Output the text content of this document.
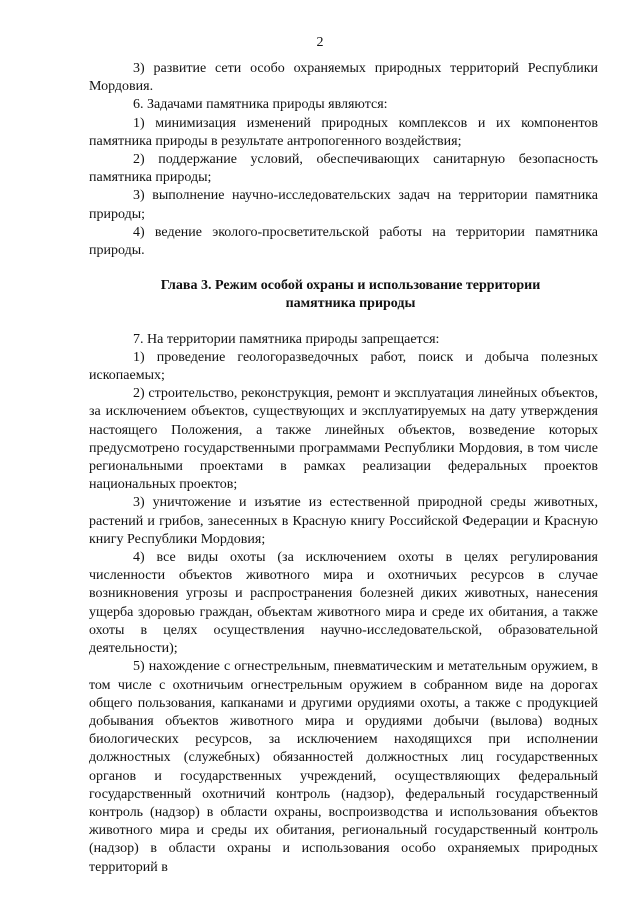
2

3) развитие сети особо охраняемых природных территорий Республики Мордовия.

6. Задачами памятника природы являются:

1) минимизация изменений природных комплексов и их компонентов памятника природы в результате антропогенного воздействия;

2) поддержание условий, обеспечивающих санитарную безопасность памятника природы;

3) выполнение научно-исследовательских задач на территории памятника природы;

4) ведение эколого-просветительской работы на территории памятника природы.

Глава 3. Режим особой охраны и использование территории памятника природы

7. На территории памятника природы запрещается:

1) проведение геологоразведочных работ, поиск и добыча полезных ископаемых;

2) строительство, реконструкция, ремонт и эксплуатация линейных объектов, за исключением объектов, существующих и эксплуатируемых на дату утверждения настоящего Положения, а также линейных объектов, возведение которых предусмотрено государственными программами Республики Мордовия, в том числе региональными проектами в рамках реализации федеральных проектов национальных проектов;

3) уничтожение и изъятие из естественной природной среды животных, растений и грибов, занесенных в Красную книгу Российской Федерации и Красную книгу Республики Мордовия;

4) все виды охоты (за исключением охоты в целях регулирования численности объектов животного мира и охотничьих ресурсов в случае возникновения угрозы и распространения болезней диких животных, нанесения ущерба здоровью граждан, объектам животного мира и среде их обитания, а также охоты в целях осуществления научно-исследовательской, образовательной деятельности);

5) нахождение с огнестрельным, пневматическим и метательным оружием, в том числе с охотничьим огнестрельным оружием в собранном виде на дорогах общего пользования, капканами и другими орудиями охоты, а также с продукцией добывания объектов животного мира и орудиями добычи (вылова) водных биологических ресурсов, за исключением находящихся при исполнении должностных (служебных) обязанностей должностных лиц государственных органов и государственных учреждений, осуществляющих федеральный государственный охотничий контроль (надзор), федеральный государственный контроль (надзор) в области охраны, воспроизводства и использования объектов животного мира и среды их обитания, региональный государственный контроль (надзор) в области охраны и использования особо охраняемых природных территорий в
